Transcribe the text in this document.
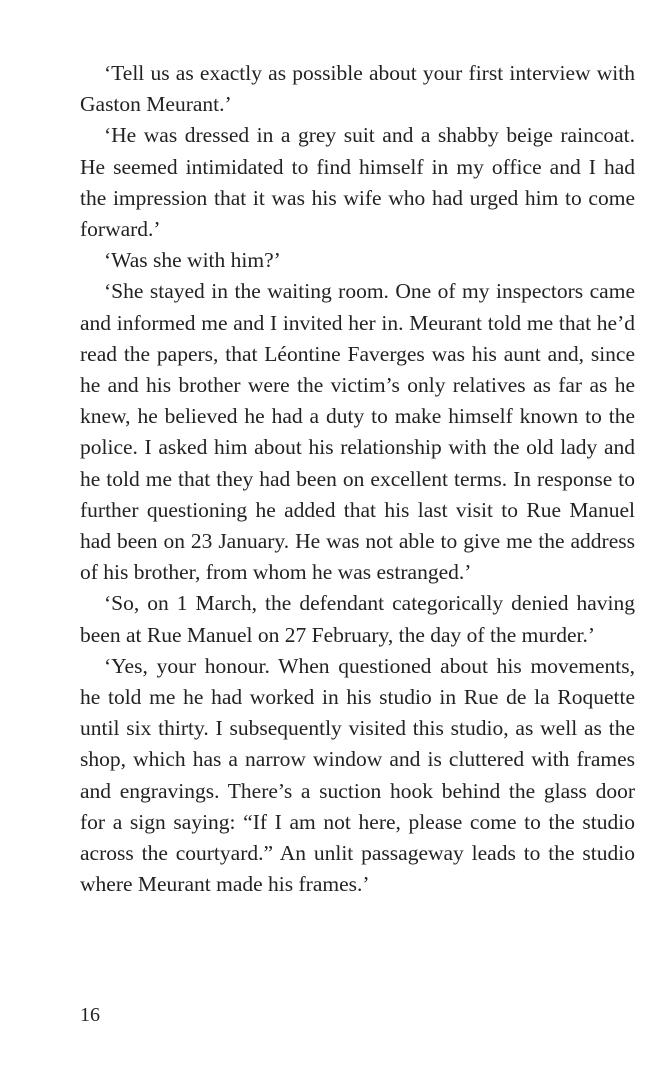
‘Tell us as exactly as possible about your first interview with Gaston Meurant.’

‘He was dressed in a grey suit and a shabby beige raincoat. He seemed intimidated to find himself in my office and I had the impression that it was his wife who had urged him to come forward.’

‘Was she with him?’

‘She stayed in the waiting room. One of my inspectors came and informed me and I invited her in. Meurant told me that he’d read the papers, that Léontine Faverges was his aunt and, since he and his brother were the victim’s only relatives as far as he knew, he believed he had a duty to make himself known to the police. I asked him about his relationship with the old lady and he told me that they had been on excellent terms. In response to further questioning he added that his last visit to Rue Manuel had been on 23 January. He was not able to give me the address of his brother, from whom he was estranged.’

‘So, on 1 March, the defendant categorically denied having been at Rue Manuel on 27 February, the day of the murder.’

‘Yes, your honour. When questioned about his movements, he told me he had worked in his studio in Rue de la Roquette until six thirty. I subsequently visited this studio, as well as the shop, which has a narrow window and is cluttered with frames and engravings. There’s a suction hook behind the glass door for a sign saying: “If I am not here, please come to the studio across the courtyard.” An unlit passageway leads to the studio where Meurant made his frames.’

16
